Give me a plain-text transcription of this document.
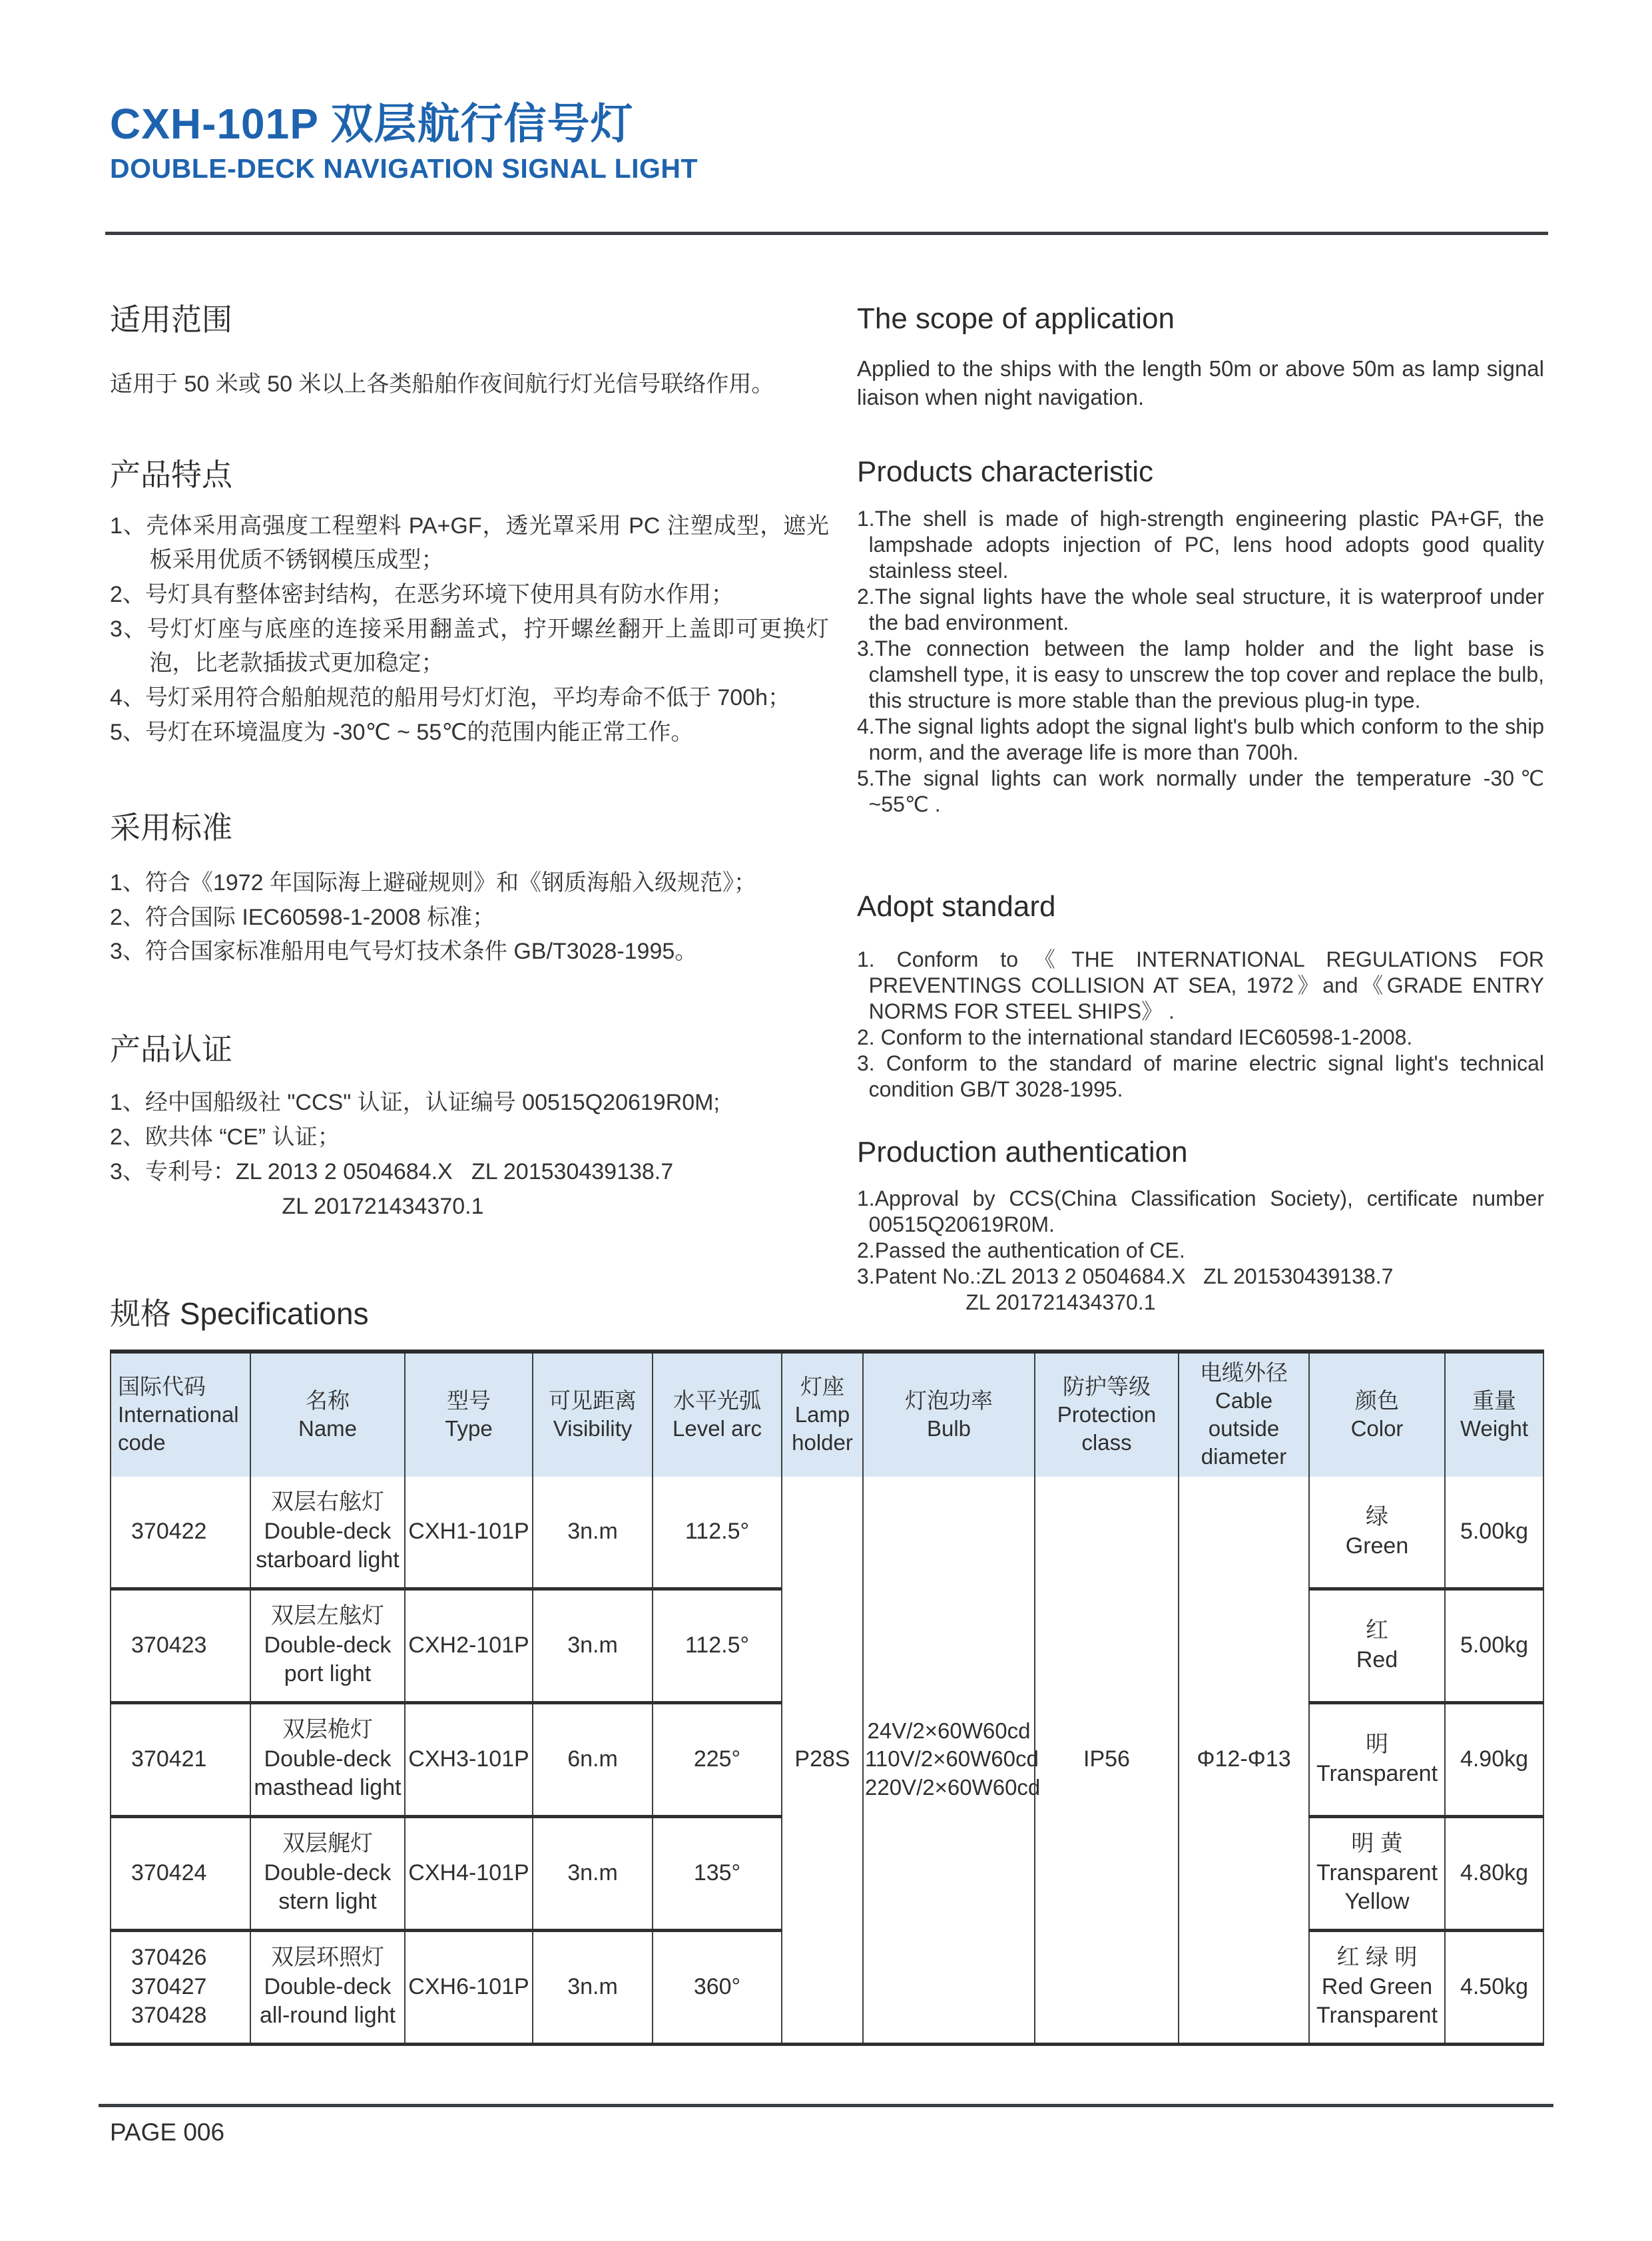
CXH-101P 双层航行信号灯
DOUBLE-DECK NAVIGATION SIGNAL LIGHT
适用范围

适用于 50 米或 50 米以上各类船舶作夜间航行灯光信号联络作用。

产品特点
1、壳体采用高强度工程塑料 PA+GF，透光罩采用 PC 注塑成型，遮光板采用优质不锈钢模压成型；
2、号灯具有整体密封结构，在恶劣环境下使用具有防水作用；
3、号灯灯座与底座的连接采用翻盖式，拧开螺丝翻开上盖即可更换灯泡，比老款插拔式更加稳定；
4、号灯采用符合船舶规范的船用号灯灯泡，平均寿命不低于 700h；
5、号灯在环境温度为 -30℃ ~ 55℃的范围内能正常工作。
采用标准
1、符合《1972 年国际海上避碰规则》和《钢质海船入级规范》；
2、符合国际 IEC60598-1-2008 标准；
3、符合国家标准船用电气号灯技术条件 GB/T3028-1995。
产品认证
1、经中国船级社 "CCS" 认证，认证编号 00515Q20619R0M;
2、欧共体 “CE” 认证；
3、专利号：ZL 2013 2 0504684.X   ZL 201530439138.7
ZL 201721434370.1
The scope of application

Applied to the ships with the length 50m or above 50m as lamp signal liaison when night navigation.

Products characteristic
1.The shell is made of high-strength engineering plastic PA+GF, the lampshade adopts injection of PC, lens hood adopts good quality stainless steel.
2.The signal lights have the whole seal structure, it is waterproof under the bad environment.
3.The connection between the lamp holder and the light base is clamshell type, it is easy to unscrew the top cover and replace the bulb, this structure is more stable than the previous plug-in type.
4.The signal lights adopt the signal light's bulb which conform to the ship norm, and the average life is more than 700h.
5.The signal lights can work normally under the temperature -30℃ ~55℃ .
Adopt standard
1. Conform to《THE INTERNATIONAL REGULATIONS FOR PREVENTINGS COLLISION AT SEA, 1972》and《GRADE ENTRY NORMS FOR STEEL SHIPS》 .
2. Conform to the international standard IEC60598-1-2008.
3. Conform to the standard of marine electric signal light's technical condition GB/T 3028-1995.
Production authentication
1.Approval by CCS(China Classification Society), certificate number 00515Q20619R0M.
2.Passed the authentication of CE.
3.Patent No.:ZL 2013 2 0504684.X   ZL 201530439138.7
ZL 201721434370.1
规格 Specifications
国际代码
International code	名称
Name	型号
Type	可见距离
Visibility	水平光弧
Level arc	灯座
Lamp holder	灯泡功率
Bulb	防护等级
Protection class	电缆外径
Cable outside diameter	颜色
Color	重量
Weight

370422	双层右舷灯
Double-deck starboard light	CXH1-101P	3n.m	112.5°	P28S	24V/2×60W60cd
110V/2×60W60cd
220V/2×60W60cd	IP56	Φ12-Φ13	绿
Green	5.00kg
370423	双层左舷灯
Double-deck port light	CXH2-101P	3n.m	112.5°					红
Red	5.00kg
370421	双层桅灯
Double-deck masthead light	CXH3-101P	6n.m	225°					明
Transparent	4.90kg
370424	双层艉灯
Double-deck stern light	CXH4-101P	3n.m	135°					明 黄
Transparent Yellow	4.80kg

370426
370427
370428	双层环照灯
Double-deck all-round light	CXH6-101P	3n.m	360°					红 绿 明
Red Green Transparent	4.50kg
PAGE 006
